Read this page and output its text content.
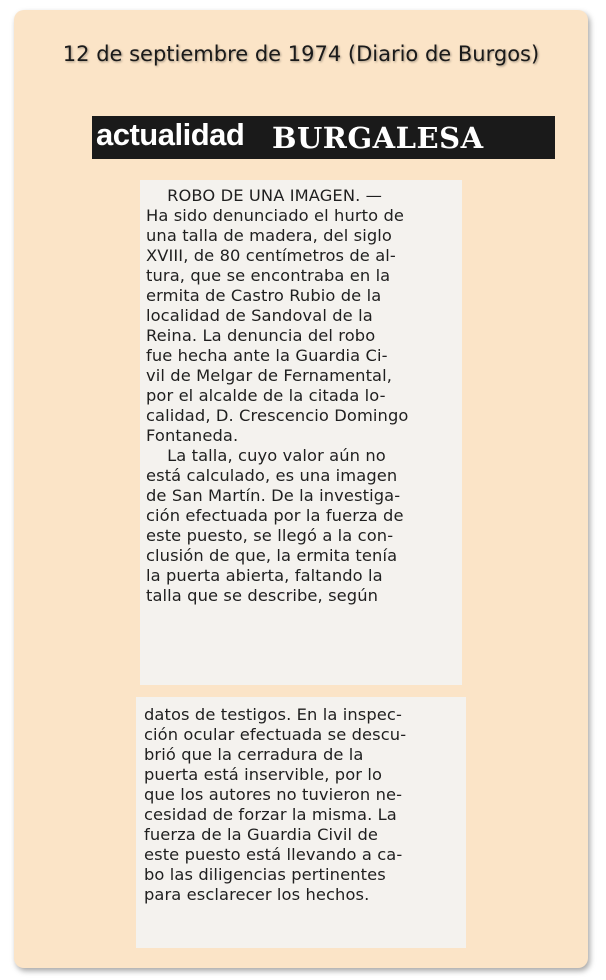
12 de septiembre de 1974 (Diario de Burgos)
actualidad BURGALESA
ROBO DE UNA IMAGEN. —
Ha sido denunciado el hurto de
una talla de madera, del siglo
XVIII, de 80 centímetros de al-
tura, que se encontraba en la
ermita de Castro Rubio de la
localidad de Sandoval de la
Reina. La denuncia del robo
fue hecha ante la Guardia Ci-
vil de Melgar de Fernamental,
por el alcalde de la citada lo-
calidad, D. Crescencio Domingo
Fontaneda.
La talla, cuyo valor aún no
está calculado, es una imagen
de San Martín. De la investiga-
ción efectuada por la fuerza de
este puesto, se llegó a la con-
clusión de que, la ermita tenía
la puerta abierta, faltando la
talla que se describe, según
datos de testigos. En la inspec-
ción ocular efectuada se descu-
brió que la cerradura de la
puerta está inservible, por lo
que los autores no tuvieron ne-
cesidad de forzar la misma. La
fuerza de la Guardia Civil de
este puesto está llevando a ca-
bo las diligencias pertinentes
para esclarecer los hechos.
